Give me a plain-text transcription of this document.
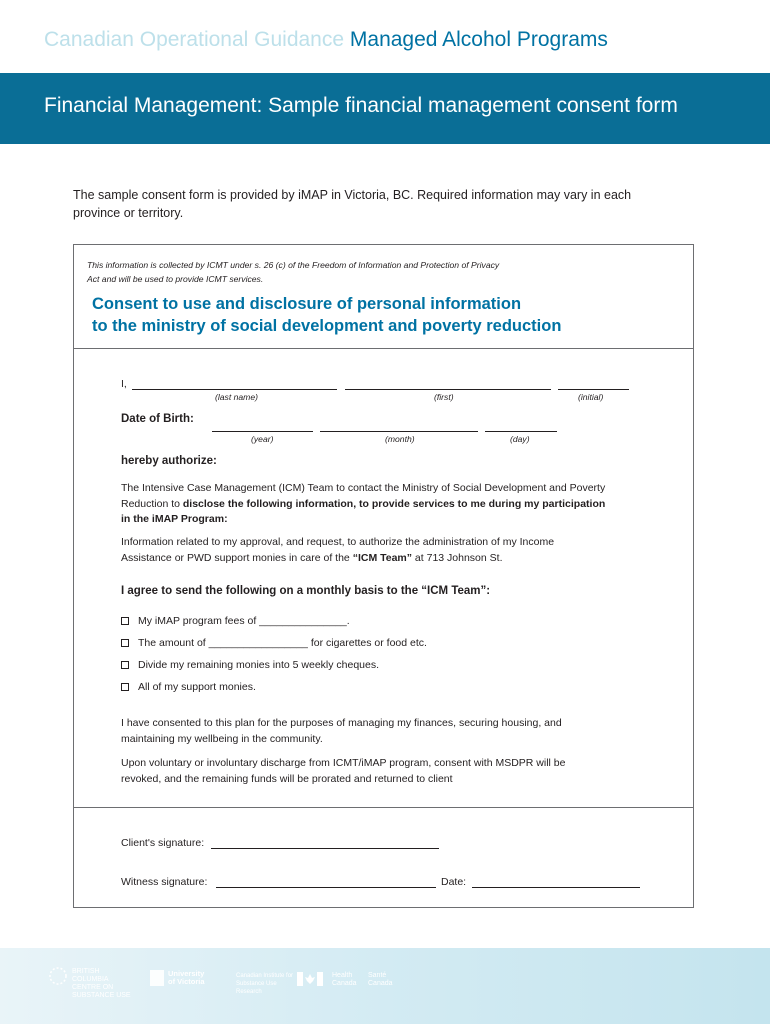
Canadian Operational Guidance Managed Alcohol Programs
Financial Management: Sample financial management consent form
The sample consent form is provided by iMAP in Victoria, BC. Required information may vary in each province or territory.
This information is collected by ICMT under s. 26 (c) of the Freedom of Information and Protection of Privacy Act and will be used to provide ICMT services.
Consent to use and disclosure of personal information
to the ministry of social development and poverty reduction
I,
(last name)	(first)	(initial)
Date of Birth:
(year)	(month)	(day)
hereby authorize:
The Intensive Case Management (ICM) Team to contact the Ministry of Social Development and Poverty Reduction to disclose the following information, to provide services to me during my participation in the iMAP Program:
Information related to my approval, and request, to authorize the administration of my Income Assistance or PWD support monies in care of the “ICM Team” at 713 Johnson St.
I agree to send the following on a monthly basis to the “ICM Team”:
My iMAP program fees of _______________.
The amount of _________________ for cigarettes or food etc.
Divide my remaining monies into 5 weekly cheques.
All of my support monies.
I have consented to this plan for the purposes of managing my finances, securing housing, and maintaining my wellbeing in the community.
Upon voluntary or involuntary discharge from ICMT/iMAP program, consent with MSDPR will be revoked, and the remaining funds will be prorated and returned to client
Client's signature:
Witness signature:	Date:
BRITISH COLUMBIA CENTRE ON SUBSTANCE USE
University of Victoria
Canadian Institute for Substance Use Research
Health Canada
Santé Canada
